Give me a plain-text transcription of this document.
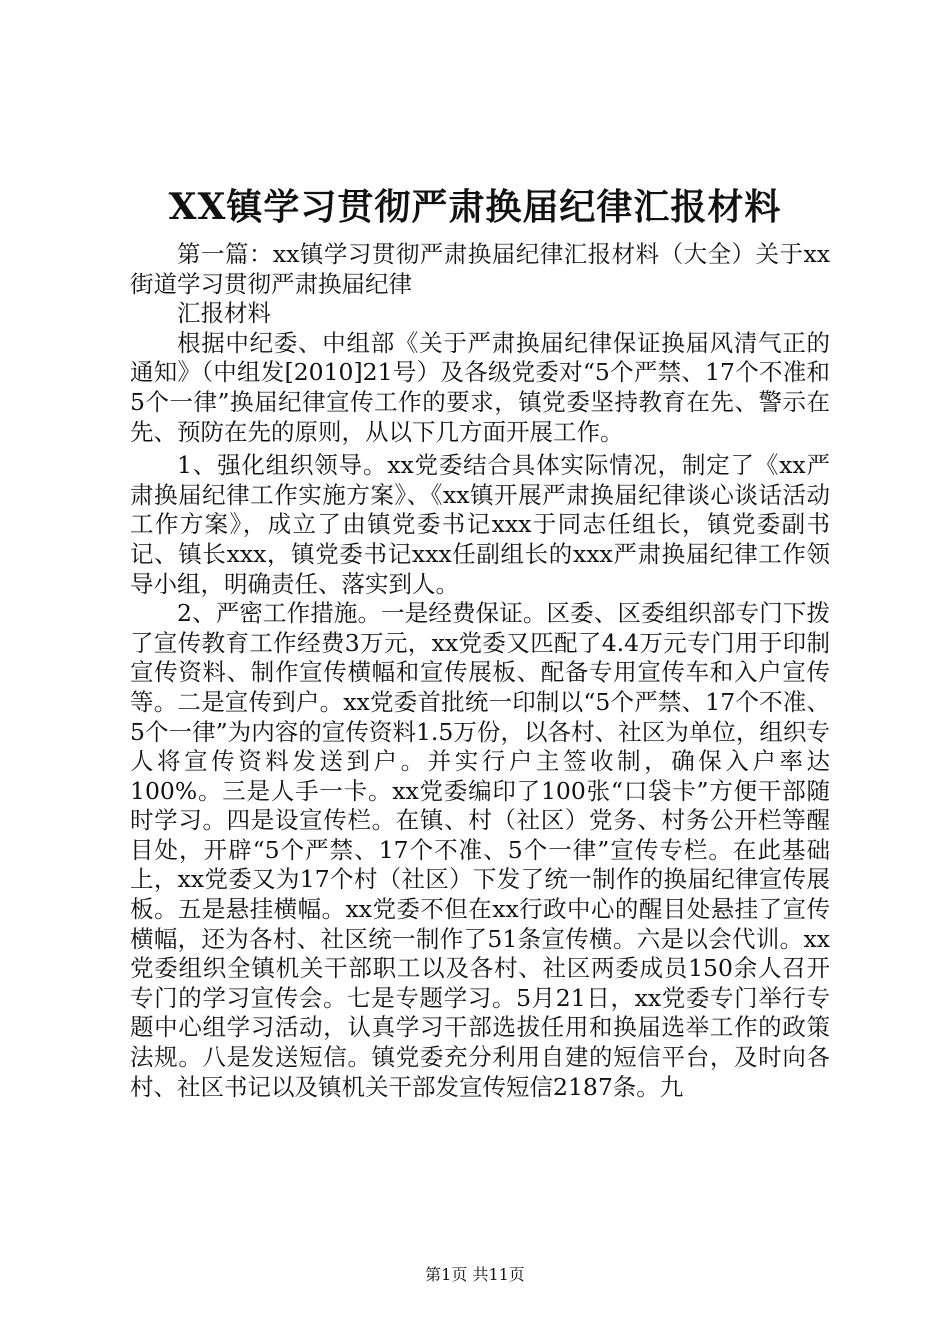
XX镇学习贯彻严肃换届纪律汇报材料

第一篇：xx镇学习贯彻严肃换届纪律汇报材料（大全）关于xx街道学习贯彻严肃换届纪律

汇报材料

根据中纪委、中组部《关于严肃换届纪律保证换届风清气正的通知》（中组发[2010]21号）及各级党委对“5个严禁、17个不准和5个一律”换届纪律宣传工作的要求，镇党委坚持教育在先、警示在先、预防在先的原则，从以下几方面开展工作。

1、强化组织领导。xx党委结合具体实际情况，制定了《xx严肃换届纪律工作实施方案》、《xx镇开展严肃换届纪律谈心谈话活动工作方案》，成立了由镇党委书记xxx于同志任组长，镇党委副书记、镇长xxx，镇党委书记xxx任副组长的xxx严肃换届纪律工作领导小组，明确责任、落实到人。

2、严密工作措施。一是经费保证。区委、区委组织部专门下拨了宣传教育工作经费3万元，xx党委又匹配了4.4万元专门用于印制宣传资料、制作宣传横幅和宣传展板、配备专用宣传车和入户宣传等。二是宣传到户。xx党委首批统一印制以“5个严禁、17个不准、5个一律”为内容的宣传资料1.5万份，以各村、社区为单位，组织专人将宣传资料发送到户。并实行户主签收制，确保入户率达100%。三是人手一卡。xx党委编印了100张“口袋卡”方便干部随时学习。四是设宣传栏。在镇、村（社区）党务、村务公开栏等醒目处，开辟“5个严禁、17个不准、5个一律”宣传专栏。在此基础上，xx党委又为17个村（社区）下发了统一制作的换届纪律宣传展板。五是悬挂横幅。xx党委不但在xx行政中心的醒目处悬挂了宣传横幅，还为各村、社区统一制作了51条宣传横。六是以会代训。xx党委组织全镇机关干部职工以及各村、社区两委成员150余人召开专门的学习宣传会。七是专题学习。5月21日，xx党委专门举行专题中心组学习活动，认真学习干部选拔任用和换届选举工作的政策法规。八是发送短信。镇党委充分利用自建的短信平台，及时向各村、社区书记以及镇机关干部发宣传短信2187条。九

第1页 共11页
